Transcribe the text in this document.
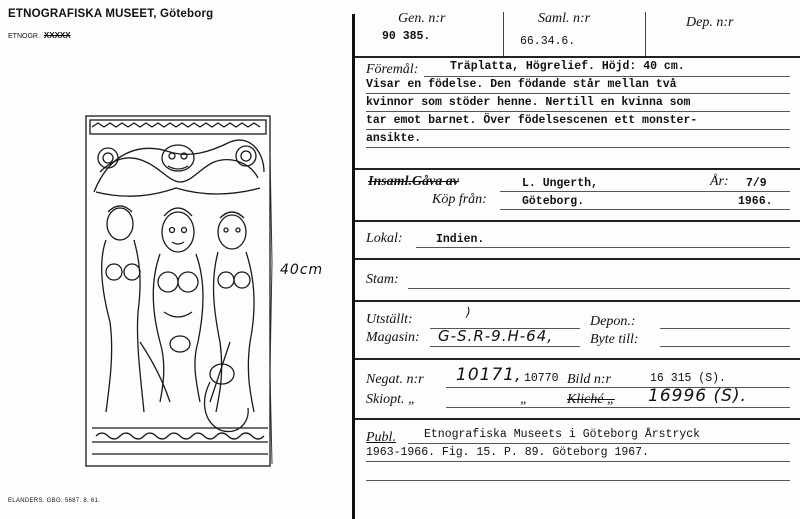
ETNOGRAFISKA MUSEET, Göteborg
ETNOGR. XXXXX
40cm
ELANDERS. GBG. 5687. 8. 61.
Gen. n:r
90 385.
Saml. n:r
66.34.6.
Dep. n:r
Föremål:	Träplatta, Högrelief. Höjd: 40 cm.
Visar en födelse. Den födande står mellan två
kvinnor som stöder henne. Nertill en kvinna som
tar emot barnet. Över födelsescenen ett monster-
ansikte.
Insaml.Gåva av	L. Ungerth,	År: 7/9
Köp från:	Göteborg.	1966.
Lokal:	Indien.
Stam:
Utställt:	)
Depon.:
Magasin: G-S.R-9.H-64,	Byte till:
Negat. n:r 10171, 10770 Bild n:r	16 315 (S).
Skiopt. „	„	Kliché „ 16996 (S).
Publ. Etnografiska Museets i Göteborg Årstryck
1963-1966. Fig. 15. P. 89. Göteborg 1967.
